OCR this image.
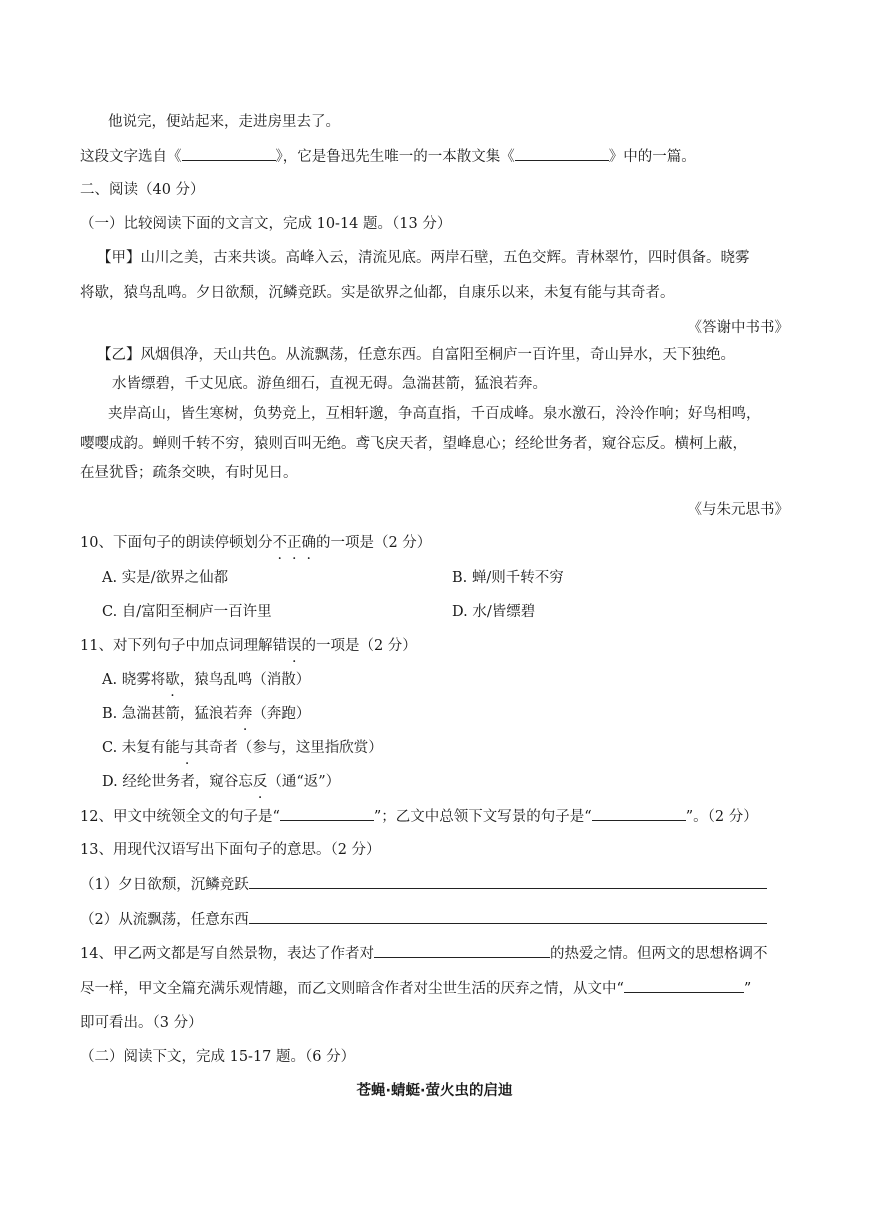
他说完，便站起来，走进房里去了。
这段文字选自《	》，它是鲁迅先生唯一的一本散文集《	》中的一篇。
二、阅读（40 分）
（一）比较阅读下面的文言文，完成 10-14 题。（13 分）
【甲】山川之美，古来共谈。高峰入云，清流见底。两岸石壁，五色交辉。青林翠竹，四时俱备。晓雾
将歇，猿鸟乱鸣。夕日欲颓，沉鳞竞跃。实是欲界之仙都，自康乐以来，未复有能与其奇者。
《答谢中书书》
【乙】风烟俱净，天山共色。从流飘荡，任意东西。自富阳至桐庐一百许里，奇山异水，天下独绝。
水皆缥碧，千丈见底。游鱼细石，直视无碍。急湍甚箭，猛浪若奔。
夹岸高山，皆生寒树，负势竞上，互相轩邈，争高直指，千百成峰。泉水激石，泠泠作响；好鸟相鸣，
嘤嘤成韵。蝉则千转不穷，猿则百叫无绝。鸢飞戾天者，望峰息心；经纶世务者，窥谷忘反。横柯上蔽，
在昼犹昏；疏条交映，有时见日。
《与朱元思书》
10、下面句子的朗读停顿划分不正确的一项是（2 分）
A. 实是/欲界之仙都	B. 蝉/则千转不穷
C. 自/富阳至桐庐一百许里	D. 水/皆缥碧
11、对下列句子中加点词理解错误的一项是（2 分）
A. 晓雾将歇，猿鸟乱鸣（消散）
B. 急湍甚箭，猛浪若奔（奔跑）
C. 未复有能与其奇者（参与，这里指欣赏）
D. 经纶世务者，窥谷忘反（通“返”）
12、甲文中统领全文的句子是“	”；乙文中总领下文写景的句子是“	”。（2 分）
13、用现代汉语写出下面句子的意思。（2 分）
（1）夕日欲颓，沉鳞竞跃
（2）从流飘荡，任意东西
14、甲乙两文都是写自然景物，表达了作者对	的热爱之情。但两文的思想格调不
尽一样，甲文全篇充满乐观情趣，而乙文则暗含作者对尘世生活的厌弃之情，从文中“	”
即可看出。（3 分）
（二）阅读下文，完成 15-17 题。（6 分）
苍蝇·蜻蜓·萤火虫的启迪
